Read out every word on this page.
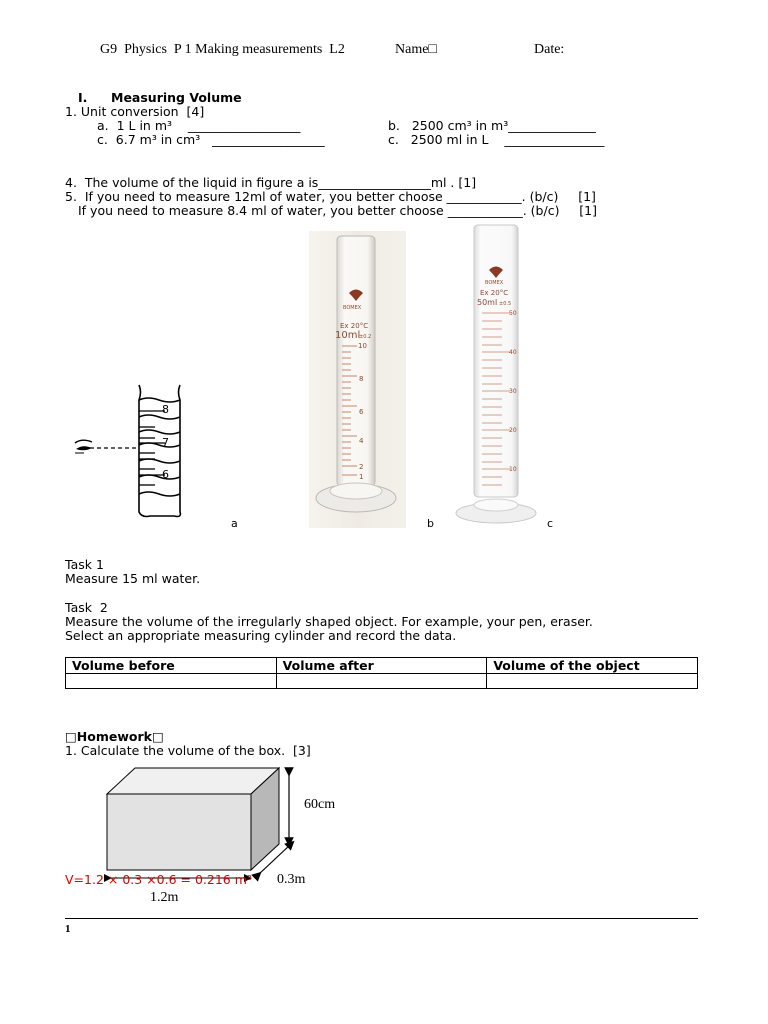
G9  Physics  P 1 Making measurements  L2	Name□	Date:
I. Measuring Volume
1. Unit conversion  [4]
a.  1 L in m³    __________________	b.   2500 cm³ in m³______________
c.  6.7 m³ in cm³   __________________	c.   2500 ml in L    ________________
4.  The volume of the liquid in figure a is__________________ml . [1]
5.  If you need to measure 12ml of water, you better choose ____________. (b/c)     [1]
If you need to measure 8.4 ml of water, you better choose ____________. (b/c)     [1]
8
7
6
a
BOMEX
Ex 20°C
10ml
±0.2
10
8
6
4
2
1
b
BOMEX
Ex 20°C
50ml ±0.5
50
40
30
20
10
c
Task 1
Measure 15 ml water.
Task  2
Measure the volume of the irregularly shaped object. For example, your pen, eraser.
Select an appropriate measuring cylinder and record the data.
Volume before	Volume after	Volume of the object

□Homework□
1. Calculate the volume of the box.  [3]
60cm
0.3m
1.2m
V=1.2 × 0.3 ×0.6 = 0.216 m³
1
